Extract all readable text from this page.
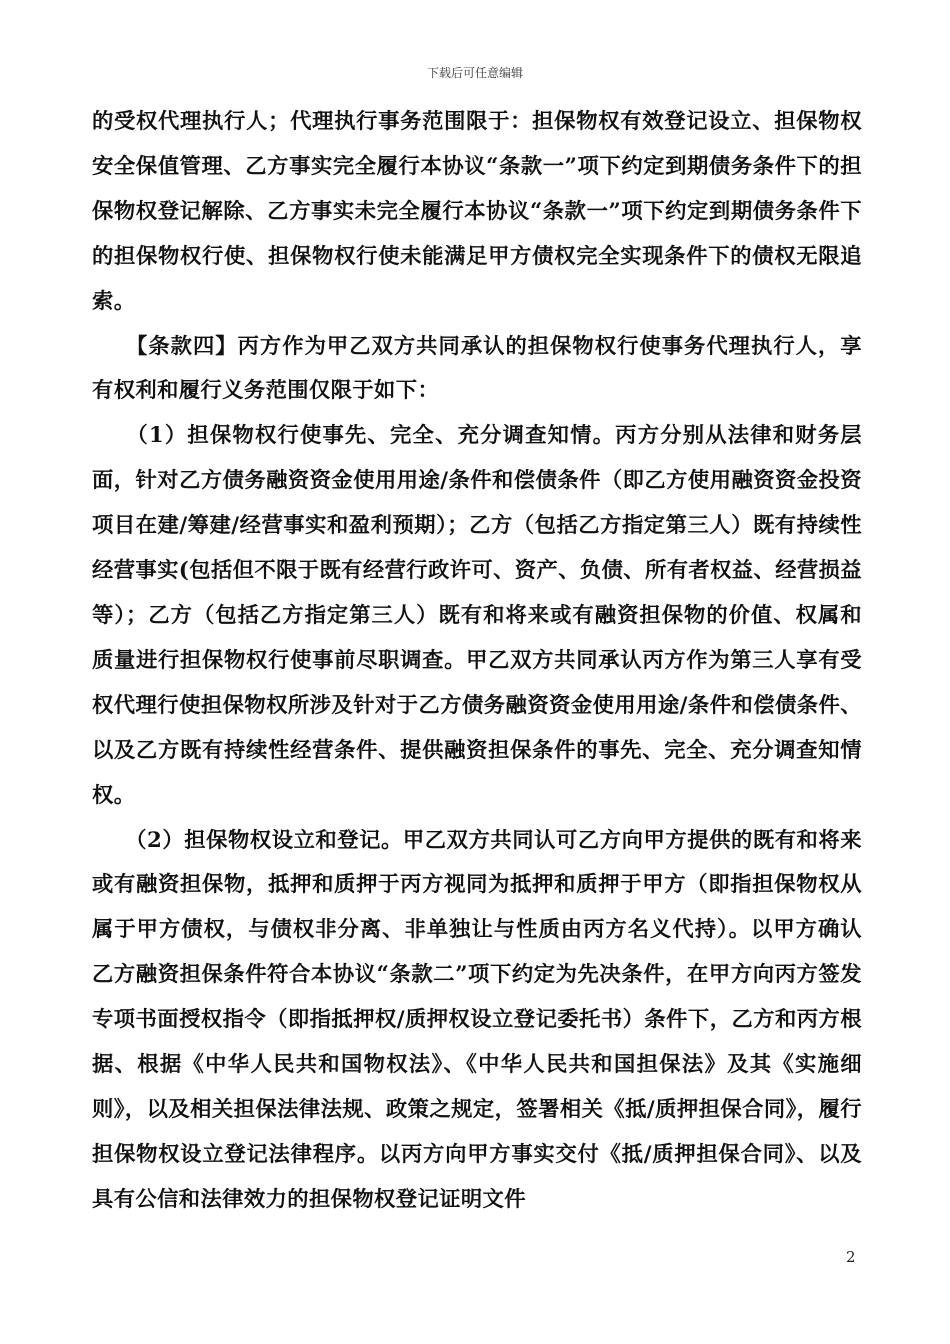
下载后可任意编辑

的受权代理执行人；代理执行事务范围限于：担保物权有效登记设立、担保物权安全保值管理、乙方事实完全履行本协议“条款一”项下约定到期债务条件下的担保物权登记解除、乙方事实未完全履行本协议“条款一”项下约定到期债务条件下的担保物权行使、担保物权行使未能满足甲方债权完全实现条件下的债权无限追索。

　　【条款四】丙方作为甲乙双方共同承认的担保物权行使事务代理执行人，享有权利和履行义务范围仅限于如下：

　　（1）担保物权行使事先、完全、充分调查知情。丙方分别从法律和财务层面，针对乙方债务融资资金使用用途/条件和偿债条件（即乙方使用融资资金投资项目在建/筹建/经营事实和盈利预期）；乙方（包括乙方指定第三人）既有持续性经营事实(包括但不限于既有经营行政许可、资产、负债、所有者权益、经营损益等）；乙方（包括乙方指定第三人）既有和将来或有融资担保物的价值、权属和质量进行担保物权行使事前尽职调查。甲乙双方共同承认丙方作为第三人享有受权代理行使担保物权所涉及针对于乙方债务融资资金使用用途/条件和偿债条件、以及乙方既有持续性经营条件、提供融资担保条件的事先、完全、充分调查知情权。

　　（2）担保物权设立和登记。甲乙双方共同认可乙方向甲方提供的既有和将来或有融资担保物，抵押和质押于丙方视同为抵押和质押于甲方（即指担保物权从属于甲方债权，与债权非分离、非单独让与性质由丙方名义代持）。以甲方确认乙方融资担保条件符合本协议“条款二”项下约定为先决条件，在甲方向丙方签发专项书面授权指令（即指抵押权/质押权设立登记委托书）条件下，乙方和丙方根据、根据《中华人民共和国物权法》、《中华人民共和国担保法》及其《实施细则》，以及相关担保法律法规、政策之规定，签署相关《抵/质押担保合同》，履行担保物权设立登记法律程序。以丙方向甲方事实交付《抵/质押担保合同》、以及具有公信和法律效力的担保物权登记证明文件

2
